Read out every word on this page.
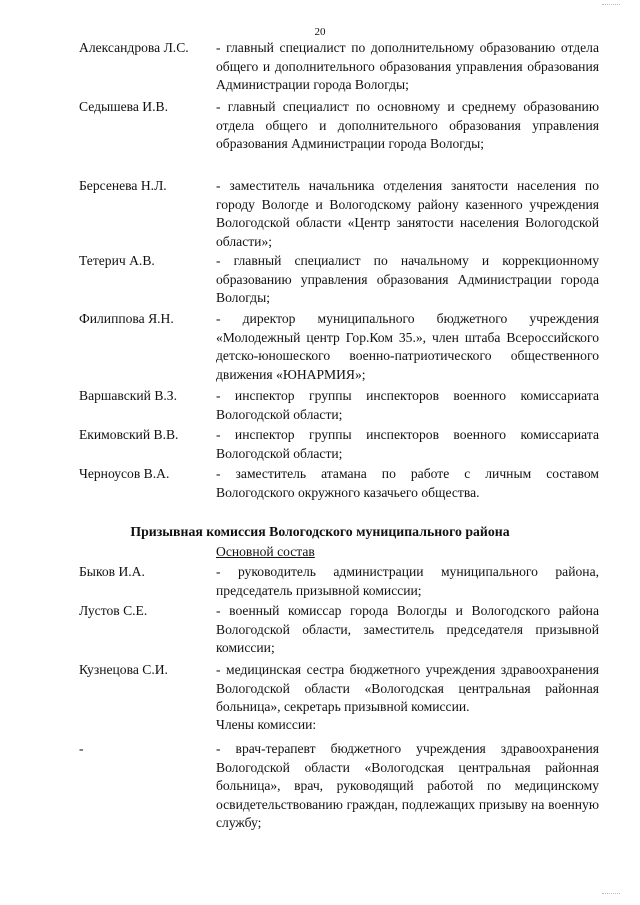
20
Александрова Л.С.	- главный специалист по дополнительному образованию отдела общего и дополнительного образования управления образования Администрации города Вологды;
Седышева И.В.	- главный специалист по основному и среднему образованию отдела общего и дополнительного образования управления образования Администрации города Вологды;
Берсенева Н.Л.	- заместитель начальника отделения занятости населения по городу Вологде и Вологодскому району казенного учреждения Вологодской области «Центр занятости населения Вологодской области»;
Тетерич А.В.	- главный специалист по начальному и коррекционному образованию управления образования Администрации города Вологды;
Филиппова Я.Н.	- директор муниципального бюджетного учреждения «Молодежный центр Гор.Ком 35.», член штаба Всероссийского детско-юношеского военно-патриотического общественного движения «ЮНАРМИЯ»;
Варшавский В.З.	- инспектор группы инспекторов военного комиссариата Вологодской области;
Екимовский В.В.	- инспектор группы инспекторов военного комиссариата Вологодской области;
Черноусов В.А.	- заместитель атамана по работе с личным составом Вологодского окружного казачьего общества.
Призывная комиссия Вологодского муниципального района
Основной состав
Быков И.А.	- руководитель администрации муниципального района, председатель призывной комиссии;
Лустов С.Е.	- военный комиссар города Вологды и Вологодского района Вологодской области, заместитель председателя призывной комиссии;
Кузнецова С.И.	- медицинская сестра бюджетного учреждения здравоохранения Вологодской области «Вологодская центральная районная больница», секретарь призывной комиссии.
Члены комиссии:
-	- врач-терапевт бюджетного учреждения здравоохранения Вологодской области «Вологодская центральная районная больница», врач, руководящий работой по медицинскому освидетельствованию граждан, подлежащих призыву на военную службу;
